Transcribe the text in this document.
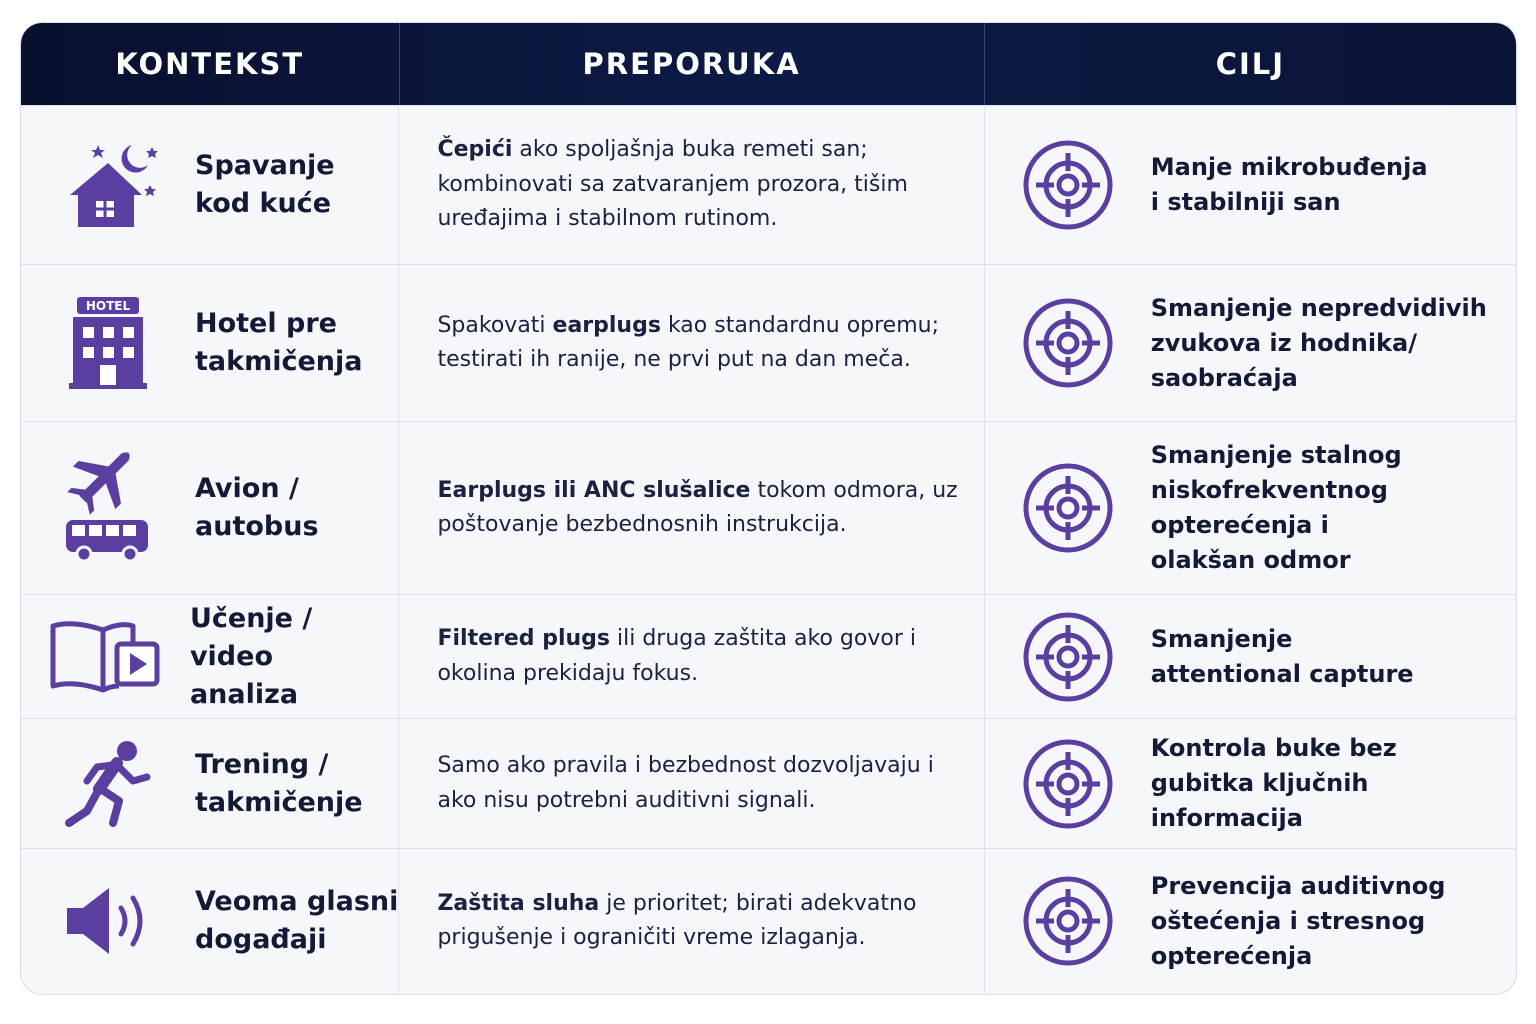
KONTEKST	PREPORUKA	CILJ
Spavanje
kod kuće

Čepići ako spoljašnja buka remeti san; kombinovati sa zatvaranjem prozora, tišim uređajima i stabilnom rutinom.

Manje mikrobuđenja
i stabilniji san
HOTEL
Hotel pre
takmičenja

Spakovati earplugs kao standardnu opremu; testirati ih ranije, ne prvi put na dan meča.

Smanjenje nepredvidivih
zvukova iz hodnika/
saobraćaja
Avion /
autobus

Earplugs ili ANC slušalice tokom odmora, uz poštovanje bezbednosnih instrukcija.

Smanjenje stalnog
niskofrekventnog
opterećenja i
olakšan odmor
Učenje / video
analiza

Filtered plugs ili druga zaštita ako govor i okolina prekidaju fokus.

Smanjenje
attentional capture
Trening /
takmičenje

Samo ako pravila i bezbednost dozvoljavaju i ako nisu potrebni auditivni signali.

Kontrola buke bez
gubitka ključnih
informacija
Veoma glasni
događaji

Zaštita sluha je prioritet; birati adekvatno prigušenje i ograničiti vreme izlaganja.

Prevencija auditivnog
oštećenja i stresnog
opterećenja
